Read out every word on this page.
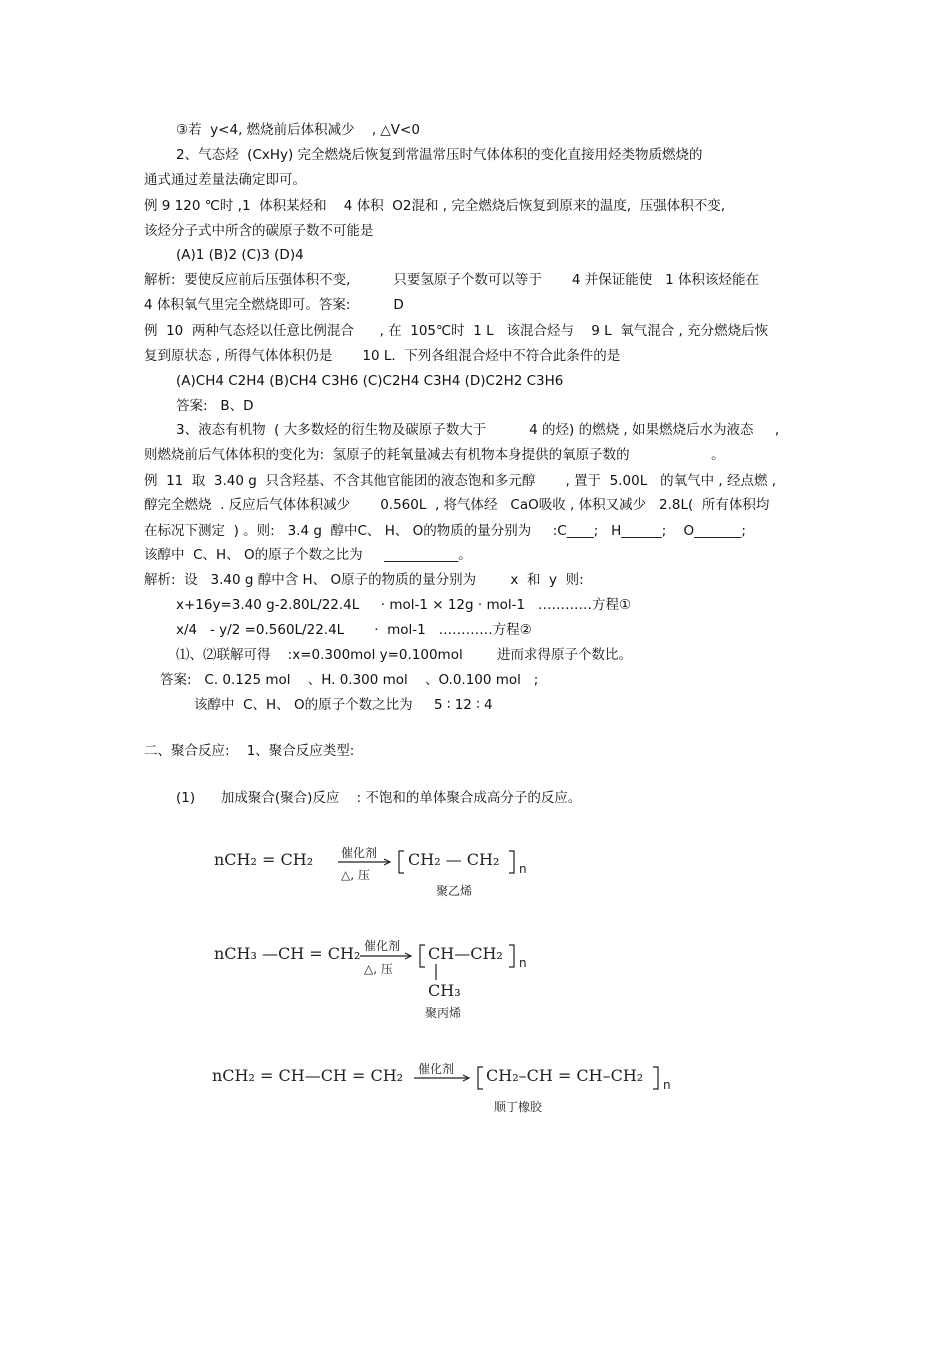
③若  y<4, 燃烧前后体积减少    , △V<0
2、气态烃  (CxHy) 完全燃烧后恢复到常温常压时气体体积的变化直接用烃类物质燃烧的
通式通过差量法确定即可。
例 9 120 ℃时 ,1  体积某烃和    4 体积  O2混和 , 完全燃烧后恢复到原来的温度,  压强体积不变,
该烃分子式中所含的碳原子数不可能是
(A)1 (B)2 (C)3 (D)4
解析:  要使反应前后压强体积不变,          只要氢原子个数可以等于       4 并保证能使   1 体积该烃能在
4 体积氧气里完全燃烧即可。答案:          D
例  10  两种气态烃以任意比例混合      , 在  105℃时  1 L   该混合烃与    9 L  氧气混合 , 充分燃烧后恢
复到原状态 , 所得气体体积仍是       10 L.  下列各组混合烃中不符合此条件的是
(A)CH4 C2H4 (B)CH4 C3H6 (C)C2H4 C3H4 (D)C2H2 C3H6
答案:   B、D
3、液态有机物  ( 大多数烃的衍生物及碳原子数大于          4 的烃) 的燃烧 , 如果燃烧后水为液态     ,
则燃烧前后气体体积的变化为:  氢原子的耗氧量减去有机物本身提供的氧原子数的                   。
例  11  取  3.40 g  只含羟基、不含其他官能团的液态饱和多元醇       , 置于  5.00L   的氧气中 , 经点燃 ,
醇完全燃烧  . 反应后气体体积减少       0.560L  , 将气体经   CaO吸收 , 体积又减少   2.8L(  所有体积均
在标况下测定  ) 。则:   3.4 g  醇中C、 H、 O的物质的量分别为     :C____;   H______;    O_______;
该醇中  C、H、 O的原子个数之比为     ___________。
解析:  设   3.40 g 醇中含 H、 O原子的物质的量分别为        x  和  y  则:
x+16y=3.40 g-2.80L/22.4L     · mol-1 × 12g · mol-1   …………方程①
x/4   - y/2 =0.560L/22.4L       ·  mol-1   …………方程②
⑴、⑵联解可得    :x=0.300mol y=0.100mol        进而求得原子个数比。
答案:   C. 0.125 mol    、H. 0.300 mol    、O.0.100 mol   ;
该醇中  C、H、 O的原子个数之比为     5 ∶ 12 ∶ 4
二、聚合反应:    1、聚合反应类型:
(1)      加成聚合(聚合)反应    : 不饱和的单体聚合成高分子的反应。
nCH₂ = CH₂ 催化剂
△, 压
CH₂ — CH₂ n
聚乙烯
nCH₃ —CH = CH₂ 催化剂
△, 压
CH—CH₂ n
CH₃
聚丙烯
nCH₂ = CH—CH = CH₂ 催化剂 CH₂–CH = CH–CH₂ n
顺丁橡胶
